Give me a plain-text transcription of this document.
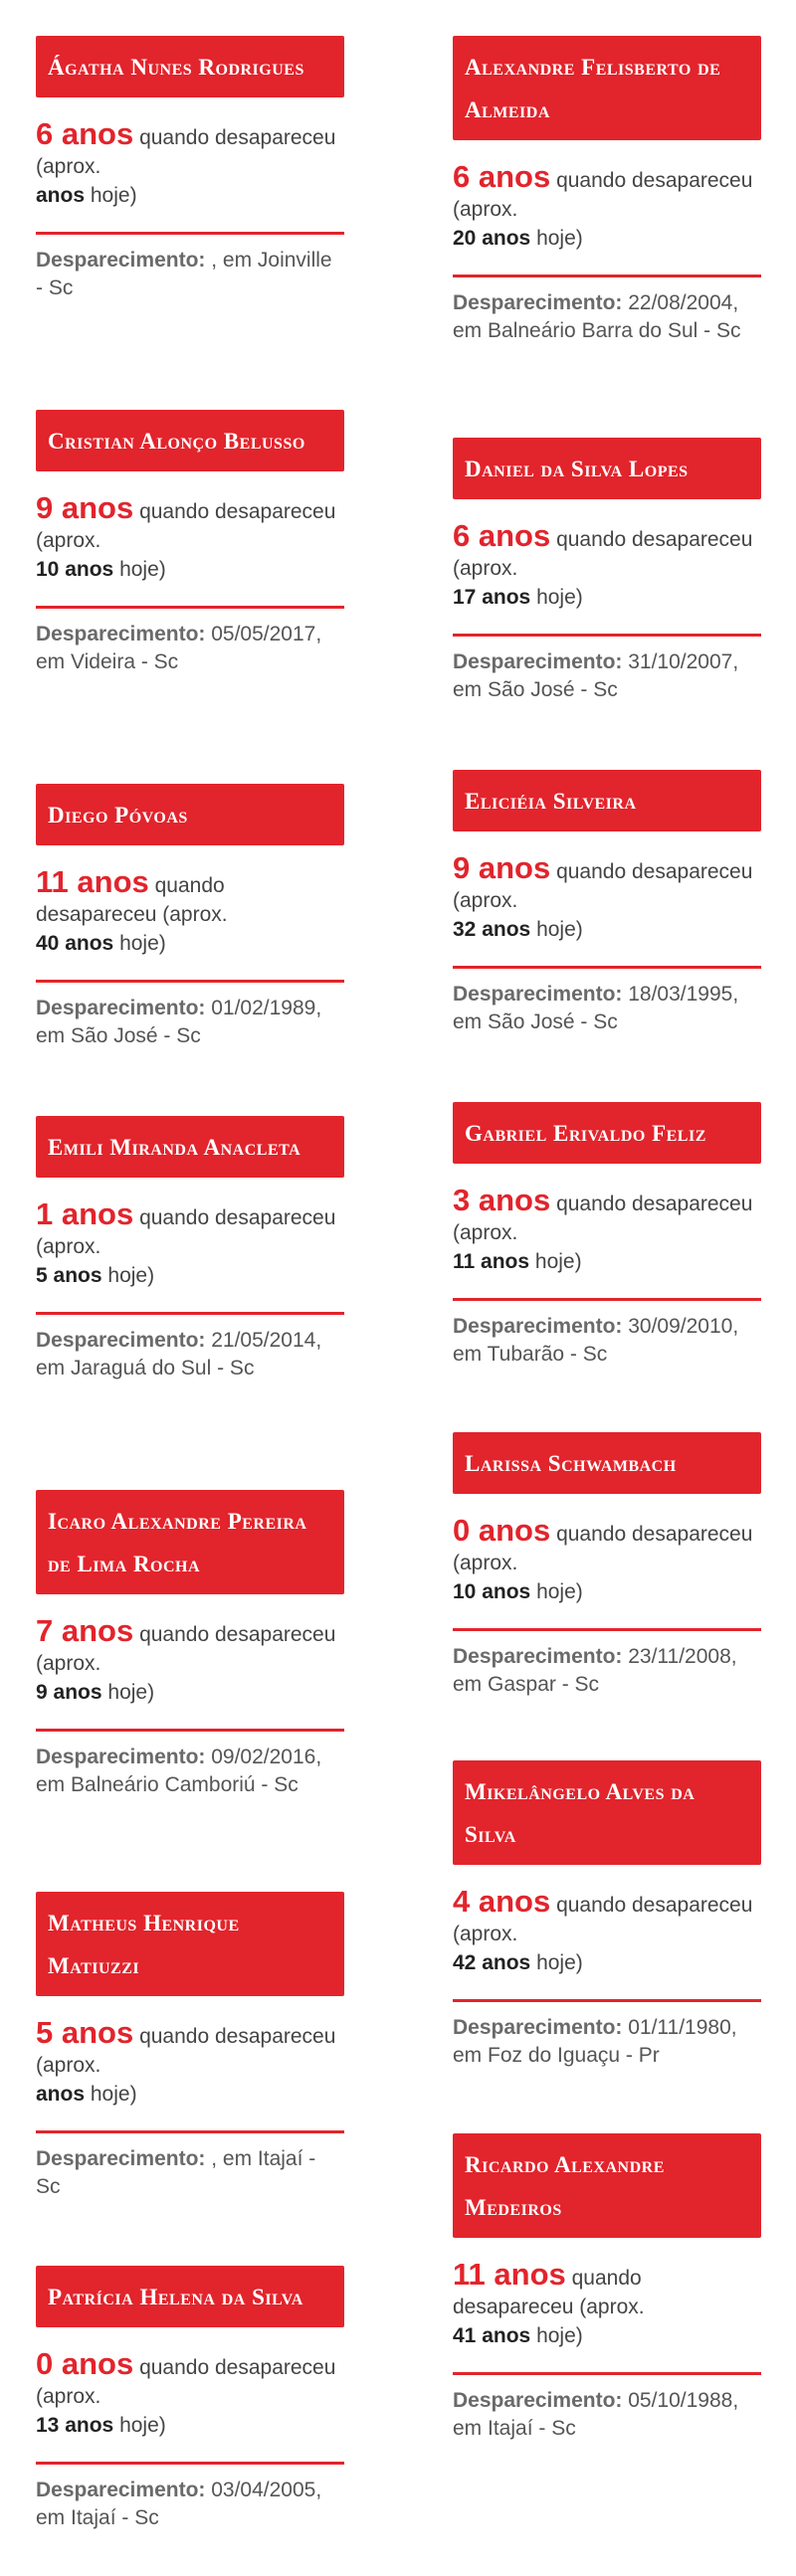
Ágatha Nunes Rodrigues
6 anos quando desapareceu (aprox.
anos hoje)
Desparecimento: , em Joinville - Sc
Cristian Alonço Belusso
9 anos quando desapareceu (aprox.
10 anos hoje)
Desparecimento: 05/05/2017, em Videira - Sc
Diego Póvoas
11 anos quando desapareceu (aprox.
40 anos hoje)
Desparecimento: 01/02/1989, em São José - Sc
Emili Miranda Anacleta
1 anos quando desapareceu (aprox.
5 anos hoje)
Desparecimento: 21/05/2014, em Jaraguá do Sul - Sc
Icaro Alexandre Pereira de Lima Rocha
7 anos quando desapareceu (aprox.
9 anos hoje)
Desparecimento: 09/02/2016, em Balneário Camboriú - Sc
Matheus Henrique Matiuzzi
5 anos quando desapareceu (aprox.
anos hoje)
Desparecimento: , em Itajaí - Sc
Patrícia Helena da Silva
0 anos quando desapareceu (aprox.
13 anos hoje)
Desparecimento: 03/04/2005, em Itajaí - Sc
Alexandre Felisberto de Almeida
6 anos quando desapareceu (aprox.
20 anos hoje)
Desparecimento: 22/08/2004, em Balneário Barra do Sul - Sc
Daniel da Silva Lopes
6 anos quando desapareceu (aprox.
17 anos hoje)
Desparecimento: 31/10/2007, em São José - Sc
Eliciéia Silveira
9 anos quando desapareceu (aprox.
32 anos hoje)
Desparecimento: 18/03/1995, em São José - Sc
Gabriel Erivaldo Feliz
3 anos quando desapareceu (aprox.
11 anos hoje)
Desparecimento: 30/09/2010, em Tubarão - Sc
Larissa Schwambach
0 anos quando desapareceu (aprox.
10 anos hoje)
Desparecimento: 23/11/2008, em Gaspar - Sc
Mikelângelo Alves da Silva
4 anos quando desapareceu (aprox.
42 anos hoje)
Desparecimento: 01/11/1980, em Foz do Iguaçu - Pr
Ricardo Alexandre Medeiros
11 anos quando desapareceu (aprox.
41 anos hoje)
Desparecimento: 05/10/1988, em Itajaí - Sc
